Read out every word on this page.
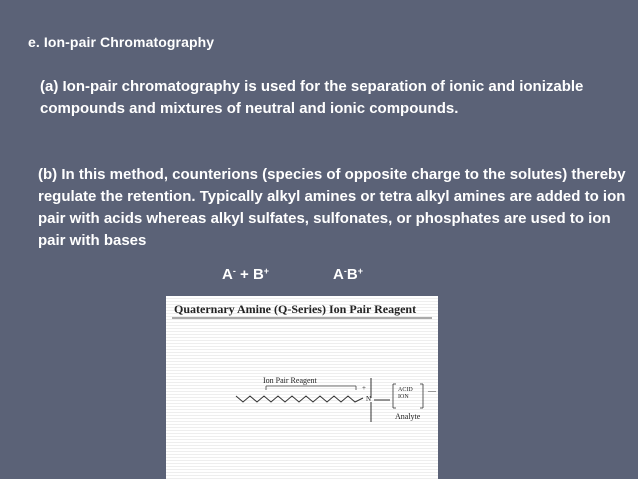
e. Ion-pair Chromatography
(a) Ion-pair chromatography is used for the separation of ionic and ionizable compounds and mixtures of neutral and ionic compounds.
(b) In this method, counterions (species of opposite charge to the solutes) thereby regulate the retention. Typically alkyl amines or tetra alkyl amines are added to ion pair with acids whereas alkyl sulfates, sulfonates, or phosphates are used to ion pair with bases
A- + B+	A-B+
Quaternary Amine (Q-Series) Ion Pair Reagent
Ion Pair Reagent
+
N
ACID
ION
—
Analyte
